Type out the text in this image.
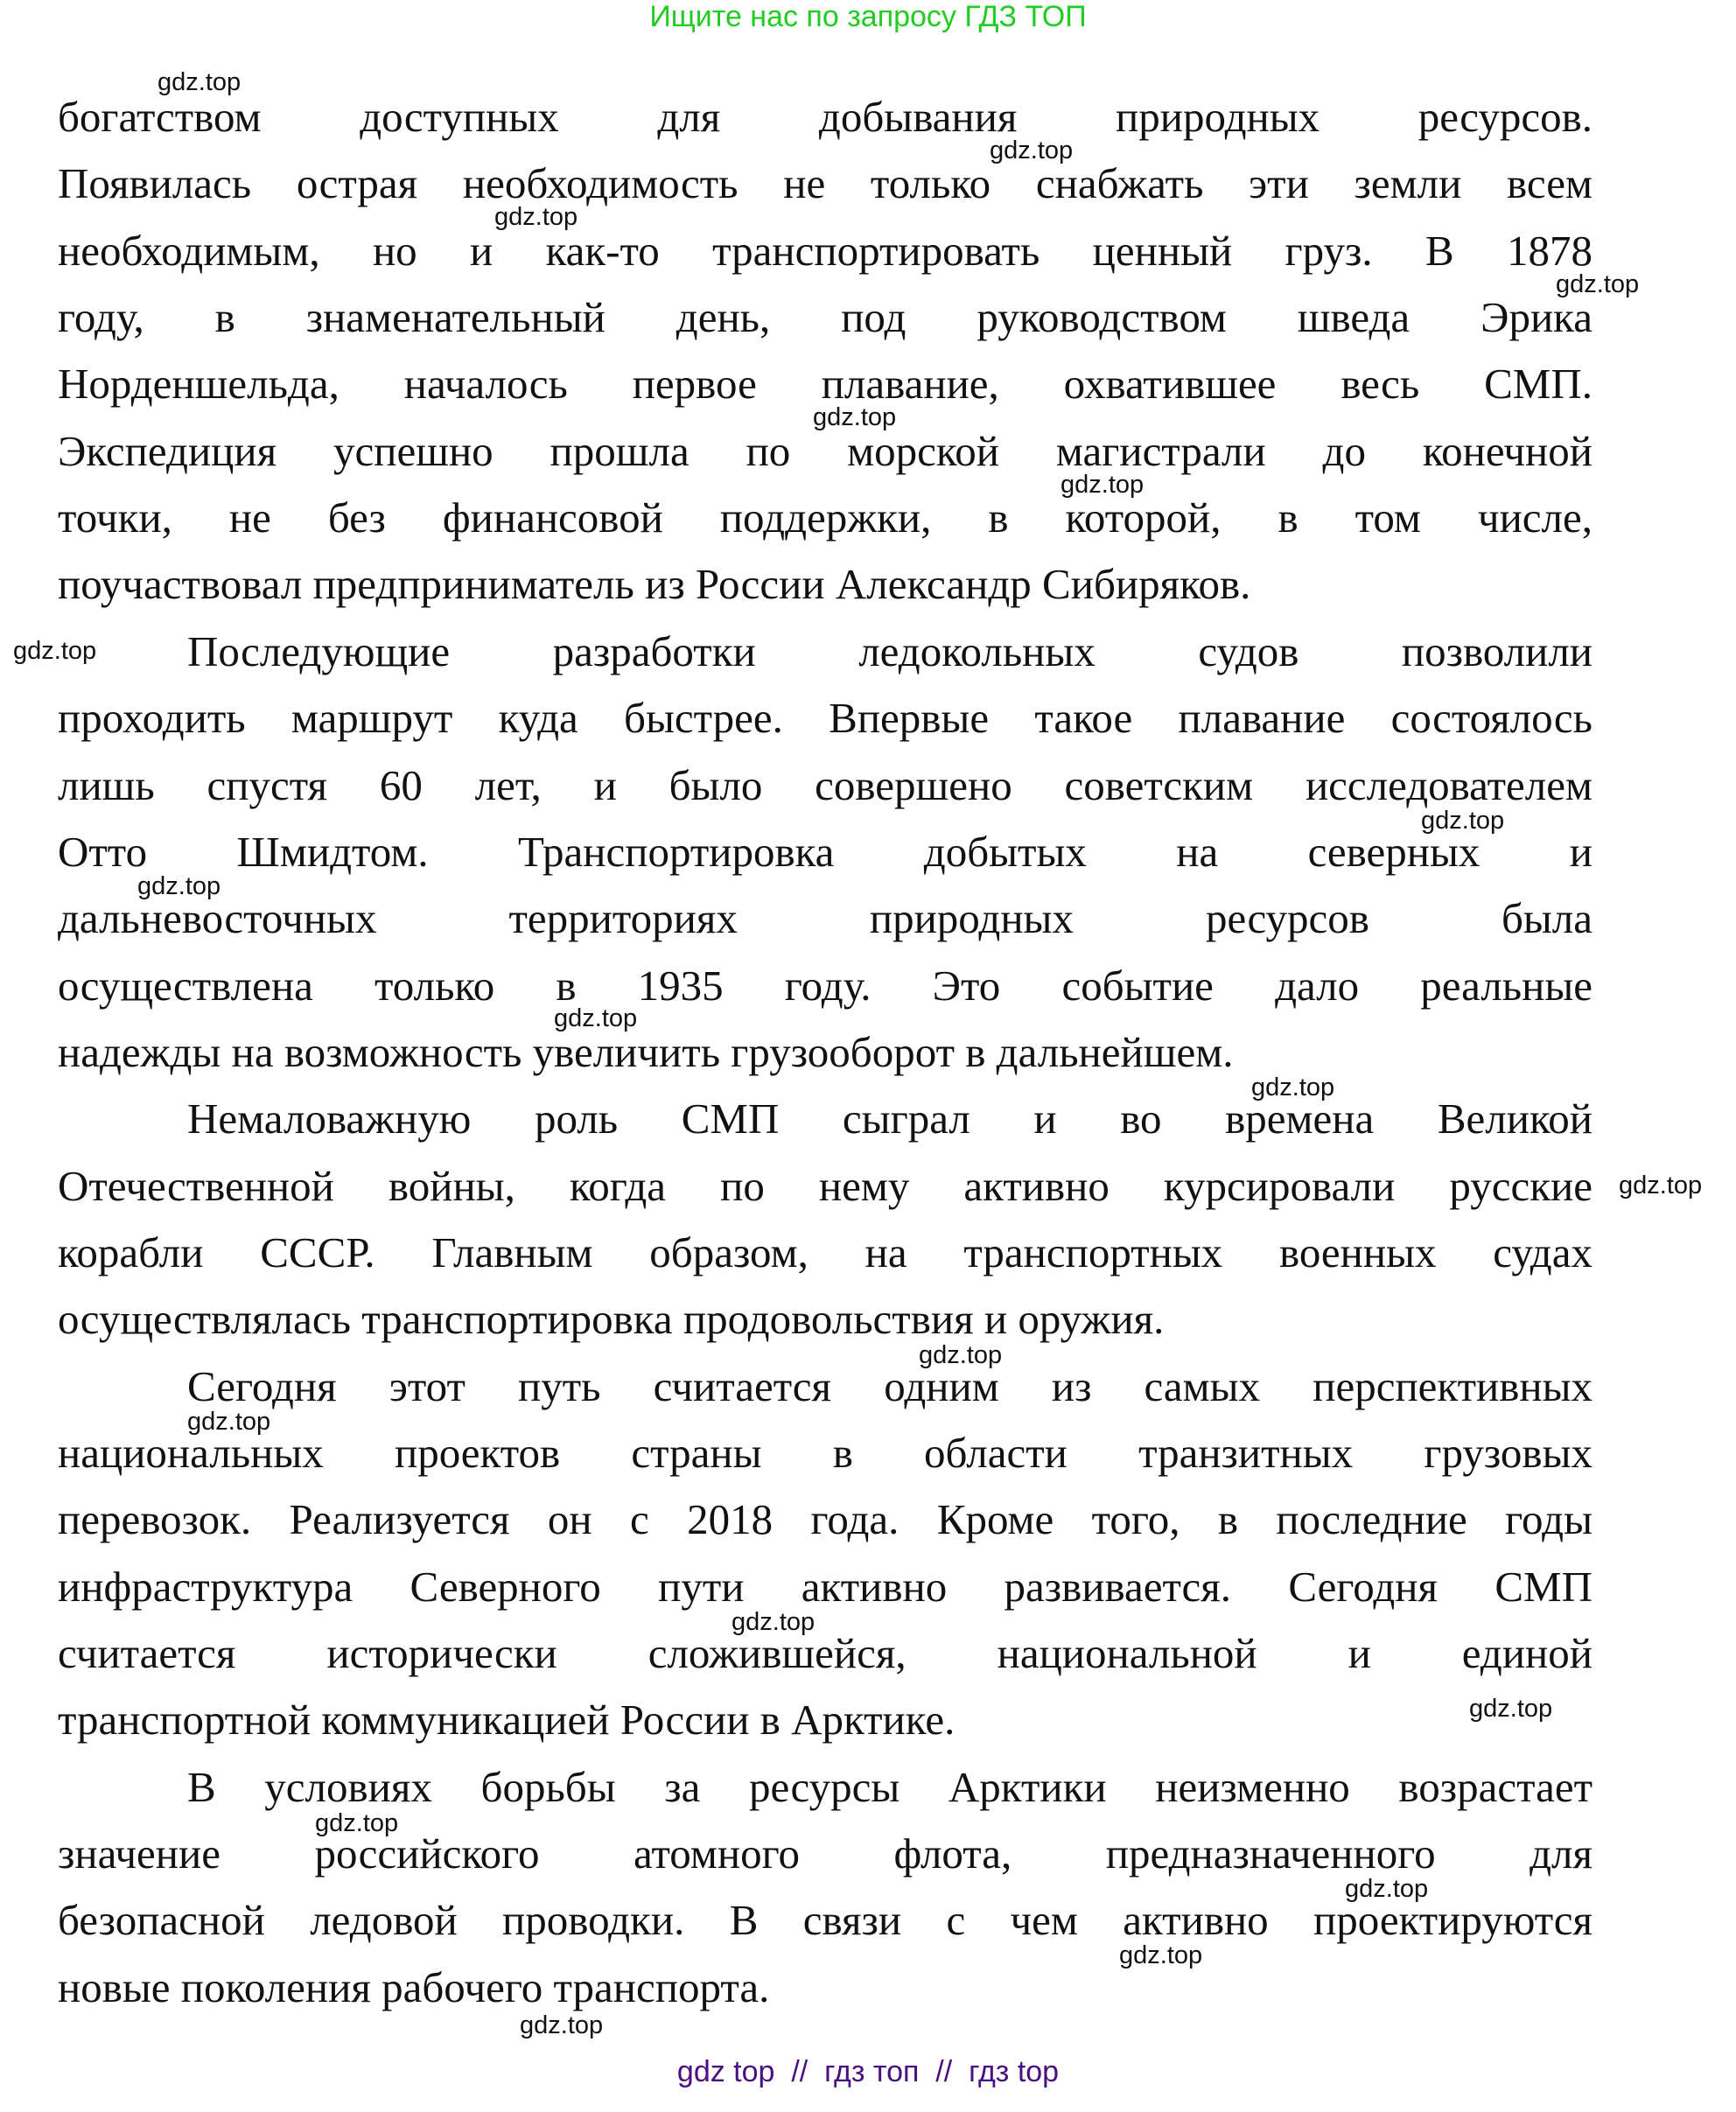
Ищите нас по запросу ГДЗ ТОП
богатством доступных для добывания природных ресурсов.
Появилась острая необходимость не только снабжать эти земли всем
необходимым, но и как-то транспортировать ценный груз. В 1878
году, в знаменательный день, под руководством шведа Эрика
Норденшельда, началось первое плавание, охватившее весь СМП.
Экспедиция успешно прошла по морской магистрали до конечной
точки, не без финансовой поддержки, в которой, в том числе,
поучаствовал предприниматель из России Александр Сибиряков.
Последующие разработки ледокольных судов позволили
проходить маршрут куда быстрее. Впервые такое плавание состоялось
лишь спустя 60 лет, и было совершено советским исследователем
Отто Шмидтом. Транспортировка добытых на северных и
дальневосточных территориях природных ресурсов была
осуществлена только в 1935 году. Это событие дало реальные
надежды на возможность увеличить грузооборот в дальнейшем.
Немаловажную роль СМП сыграл и во времена Великой
Отечественной войны, когда по нему активно курсировали русские
корабли СССР. Главным образом, на транспортных военных судах
осуществлялась транспортировка продовольствия и оружия.
Сегодня этот путь считается одним из самых перспективных
национальных проектов страны в области транзитных грузовых
перевозок. Реализуется он с 2018 года. Кроме того, в последние годы
инфраструктура Северного пути активно развивается. Сегодня СМП
считается исторически сложившейся, национальной и единой
транспортной коммуникацией России в Арктике.
В условиях борьбы за ресурсы Арктики неизменно возрастает
значение российского атомного флота, предназначенного для
безопасной ледовой проводки. В связи с чем активно проектируются
новые поколения рабочего транспорта.
gdz.top
gdz.top
gdz.top
gdz.top
gdz.top
gdz.top
gdz.top
gdz.top
gdz.top
gdz.top
gdz.top
gdz.top
gdz.top
gdz.top
gdz.top
gdz.top
gdz.top
gdz.top
gdz.top
gdz.top
gdz top  //  гдз топ  //  гдз top
